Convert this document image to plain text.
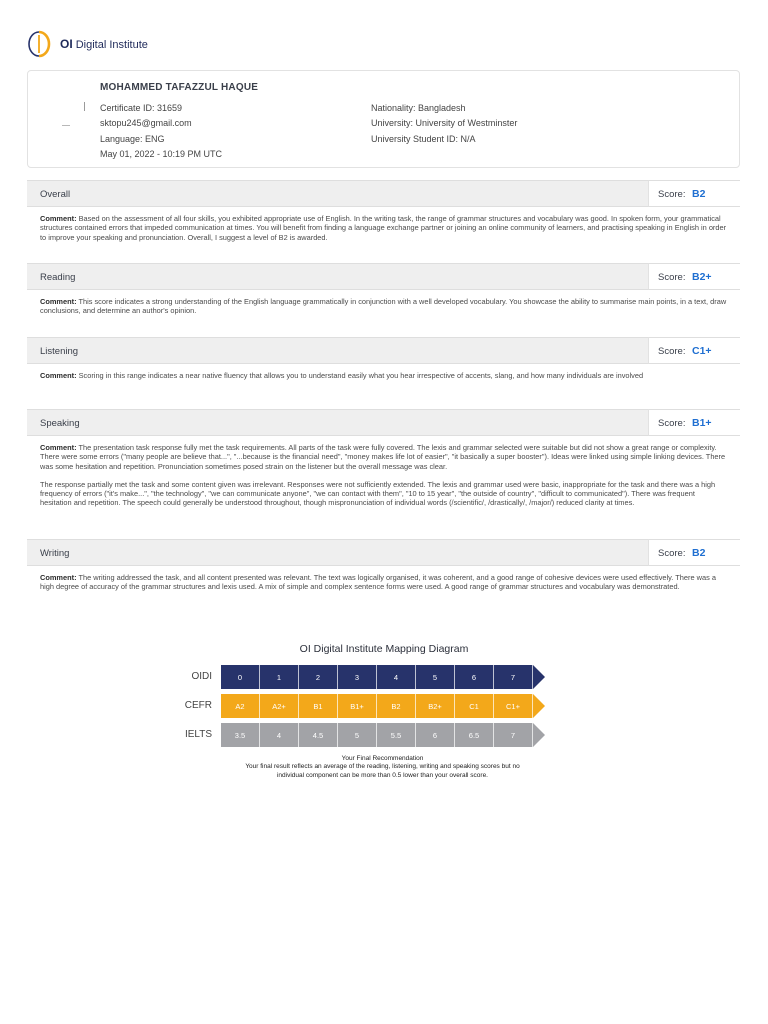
OI Digital Institute
MOHAMMED TAFAZZUL HAQUE
Certificate ID: 31659
sktopu245@gmail.com
Language: ENG
May 01, 2022 - 10:19 PM UTC
Nationality: Bangladesh
University: University of Westminster
University Student ID: N/A
Overall	Score: B2

Comment: Based on the assessment of all four skills, you exhibited appropriate use of English. In the writing task, the range of grammar structures and vocabulary was good. In spoken form, your grammatical structures contained errors that impeded communication at times. You will benefit from finding a language exchange partner or joining an online community of learners, and practising speaking in English in order to improve your speaking and pronunciation. Overall, I suggest a level of B2 is awarded.

Reading	Score: B2+

Comment: This score indicates a strong understanding of the English language grammatically in conjunction with a well developed vocabulary. You showcase the ability to summarise main points, in a text, draw conclusions, and determine an author's opinion.

Listening	Score: C1+

Comment: Scoring in this range indicates a near native fluency that allows you to understand easily what you hear irrespective of accents, slang, and how many individuals are involved

Speaking	Score: B1+

Comment: The presentation task response fully met the task requirements. All parts of the task were fully covered. The lexis and grammar selected were suitable but did not show a great range or complexity. There were some errors ("many people are believe that...", "...because is the financial need", "money makes life lot of easier", "it basically a super booster"). Ideas were linked using simple linking devices. There was some hesitation and repetition. Pronunciation sometimes posed strain on the listener but the overall message was clear.

The response partially met the task and some content given was irrelevant. Responses were not sufficiently extended. The lexis and grammar used were basic, inappropriate for the task and there was a high frequency of errors ("it's make...", "the technology", "we can communicate anyone", "we can contact with them", "10 to 15 year", "the outside of country", "difficult to communicated"). There was frequent hesitation and repetition. The speech could generally be understood throughout, though mispronunciation of individual words (/scientific/, /drastically/, /major/) reduced clarity at times.

Writing	Score: B2

Comment: The writing addressed the task, and all content presented was relevant. The text was logically organised, it was coherent, and a good range of cohesive devices were used effectively. There was a high degree of accuracy of the grammar structures and lexis used. A mix of simple and complex sentence forms were used. A good range of grammar structures and vocabulary was demonstrated.

OI Digital Institute Mapping Diagram
OIDI	0	1	2	3	4	5	6	7
CEFR	A2	A2+	B1	B1+	B2	B2+	C1	C1+
IELTS	3.5	4	4.5	5	5.5	6	6.5	7
Your Final Recommendation
Your final result reflects an average of the reading, listening, writing and speaking scores but no individual component can be more than 0.5 lower than your overall score.
